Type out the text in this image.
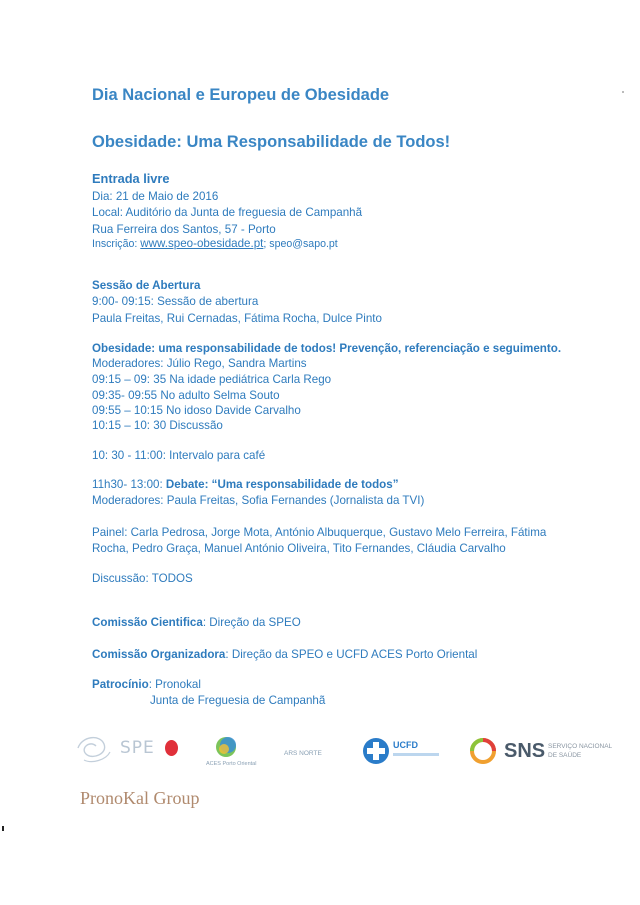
Dia Nacional e Europeu de Obesidade
Obesidade: Uma Responsabilidade de Todos!
Entrada livre
Dia: 21 de Maio de 2016
Local: Auditório da Junta de freguesia de Campanhã
Rua Ferreira dos Santos, 57 - Porto
Inscrição: www.speo-obesidade.pt; speo@sapo.pt
Sessão de Abertura
9:00- 09:15: Sessão de abertura
Paula Freitas, Rui Cernadas, Fátima Rocha, Dulce Pinto
Obesidade: uma responsabilidade de todos! Prevenção, referenciação e seguimento.
Moderadores: Júlio Rego, Sandra Martins
09:15 – 09: 35 Na idade pediátrica Carla Rego
09:35- 09:55 No adulto Selma Souto
09:55 – 10:15 No idoso Davide Carvalho
10:15 – 10: 30 Discussão
10: 30 - 11:00: Intervalo para café
11h30- 13:00: Debate: “Uma responsabilidade de todos”
Moderadores: Paula Freitas, Sofia Fernandes (Jornalista da TVI)
Painel: Carla Pedrosa, Jorge Mota, António Albuquerque, Gustavo Melo Ferreira, Fátima
Rocha, Pedro Graça, Manuel António Oliveira, Tito Fernandes, Cláudia Carvalho
Discussão: TODOS
Comissão Cientifica: Direção da SPEO
Comissão Organizadora: Direção da SPEO e UCFD ACES Porto Oriental
Patrocínio: Pronokal
Junta de Freguesia de Campanhã
SPE
ACES Porto Oriental
ARS NORTE
UCFD	SNS SERVIÇO NACIONAL
DE SAÚDE
PronoKal Group
